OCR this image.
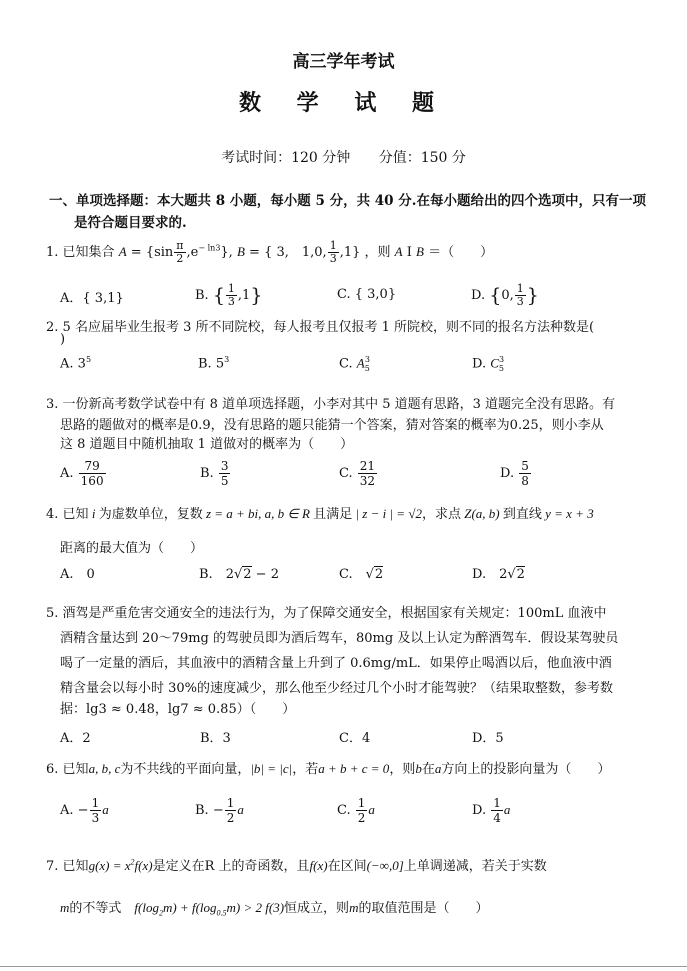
高三学年考试
数 学 试 题
考试时间：120 分钟 分值：150 分
一、单项选择题：本大题共 8 小题，每小题 5 分，共 40 分.在每小题给出的四个选项中，只有一项
是符合题目要求的.
1. 已知集合 $A = \{\sin \frac{\pi}{2} ,e^{- ln3}\}$, B = { 3,　1,0, $\frac{1}{3} ,1$} ，则 A I B ＝（　　）
A．{ 3,1}	B. { $\frac{1}{3} ,1$}	C. { 3,0}	D. {0, $\frac{1}{3}$ }
2. 5 名应届毕业生报考 3 所不同院校，每人报考且仅报考 1 所院校，则不同的报名方法种数是(
)
A. $3^5$	B. $5^3$	C. $A_5^3$	D. $C_5^3$
3. 一份新高考数学试卷中有 8 道单项选择题，小李对其中 5 道题有思路，3 道题完全没有思路。有
思路的题做对的概率是0.9，没有思路的题只能猜一个答案，猜对答案的概率为0.25，则小李从
这 8 道题目中随机抽取 1 道做对的概率为（　　）
A. $\frac{79}{160}$	B. $\frac{3}{5}$	C. $\frac{21}{32}$	D. $\frac{5}{8}$
4. 已知 i 为虚数单位，复数 z = a + bi, a, b ∈ R 且满足 | z − i | = √2，求点 Z(a, b) 到直线 y = x + 3
距离的最大值为（　　）
A.　0	B.　2√2 − 2	C.　√2	D.　2√2
5. 酒驾是严重危害交通安全的违法行为，为了保障交通安全，根据国家有关规定：100mL 血液中
酒精含量达到 20～79mg 的驾驶员即为酒后驾车，80mg 及以上认定为醉酒驾车．假设某驾驶员
喝了一定量的酒后，其血液中的酒精含量上升到了 0.6mg/mL．如果停止喝酒以后，他血液中酒
精含量会以每小时 30%的速度减少，那么他至少经过几个小时才能驾驶？（结果取整数，参考数
据：lg3 ≈ 0.48，lg7 ≈ 0.85）（　　）
A．2	B．3	C．4	D．5
6. 已知a, b, c为不共线的平面向量，|b| = |c|，若a + b + c = 0，则b在a方向上的投影向量为（　　）
A. − $\frac{1}{3}$ a	B. − $\frac{1}{2}$ a	C. $\frac{1}{2}$ a	D. $\frac{1}{4}$ a
7. 已知$g(x) = x^2f(x)$是定义在R 上的奇函数，且f(x)在区间(−∞,0]上单调递减，若关于实数
m的不等式　 $f(\log_2m) + f(\log_{0.5}m) > 2$ f(3)恒成立，则m的取值范围是（　　）
